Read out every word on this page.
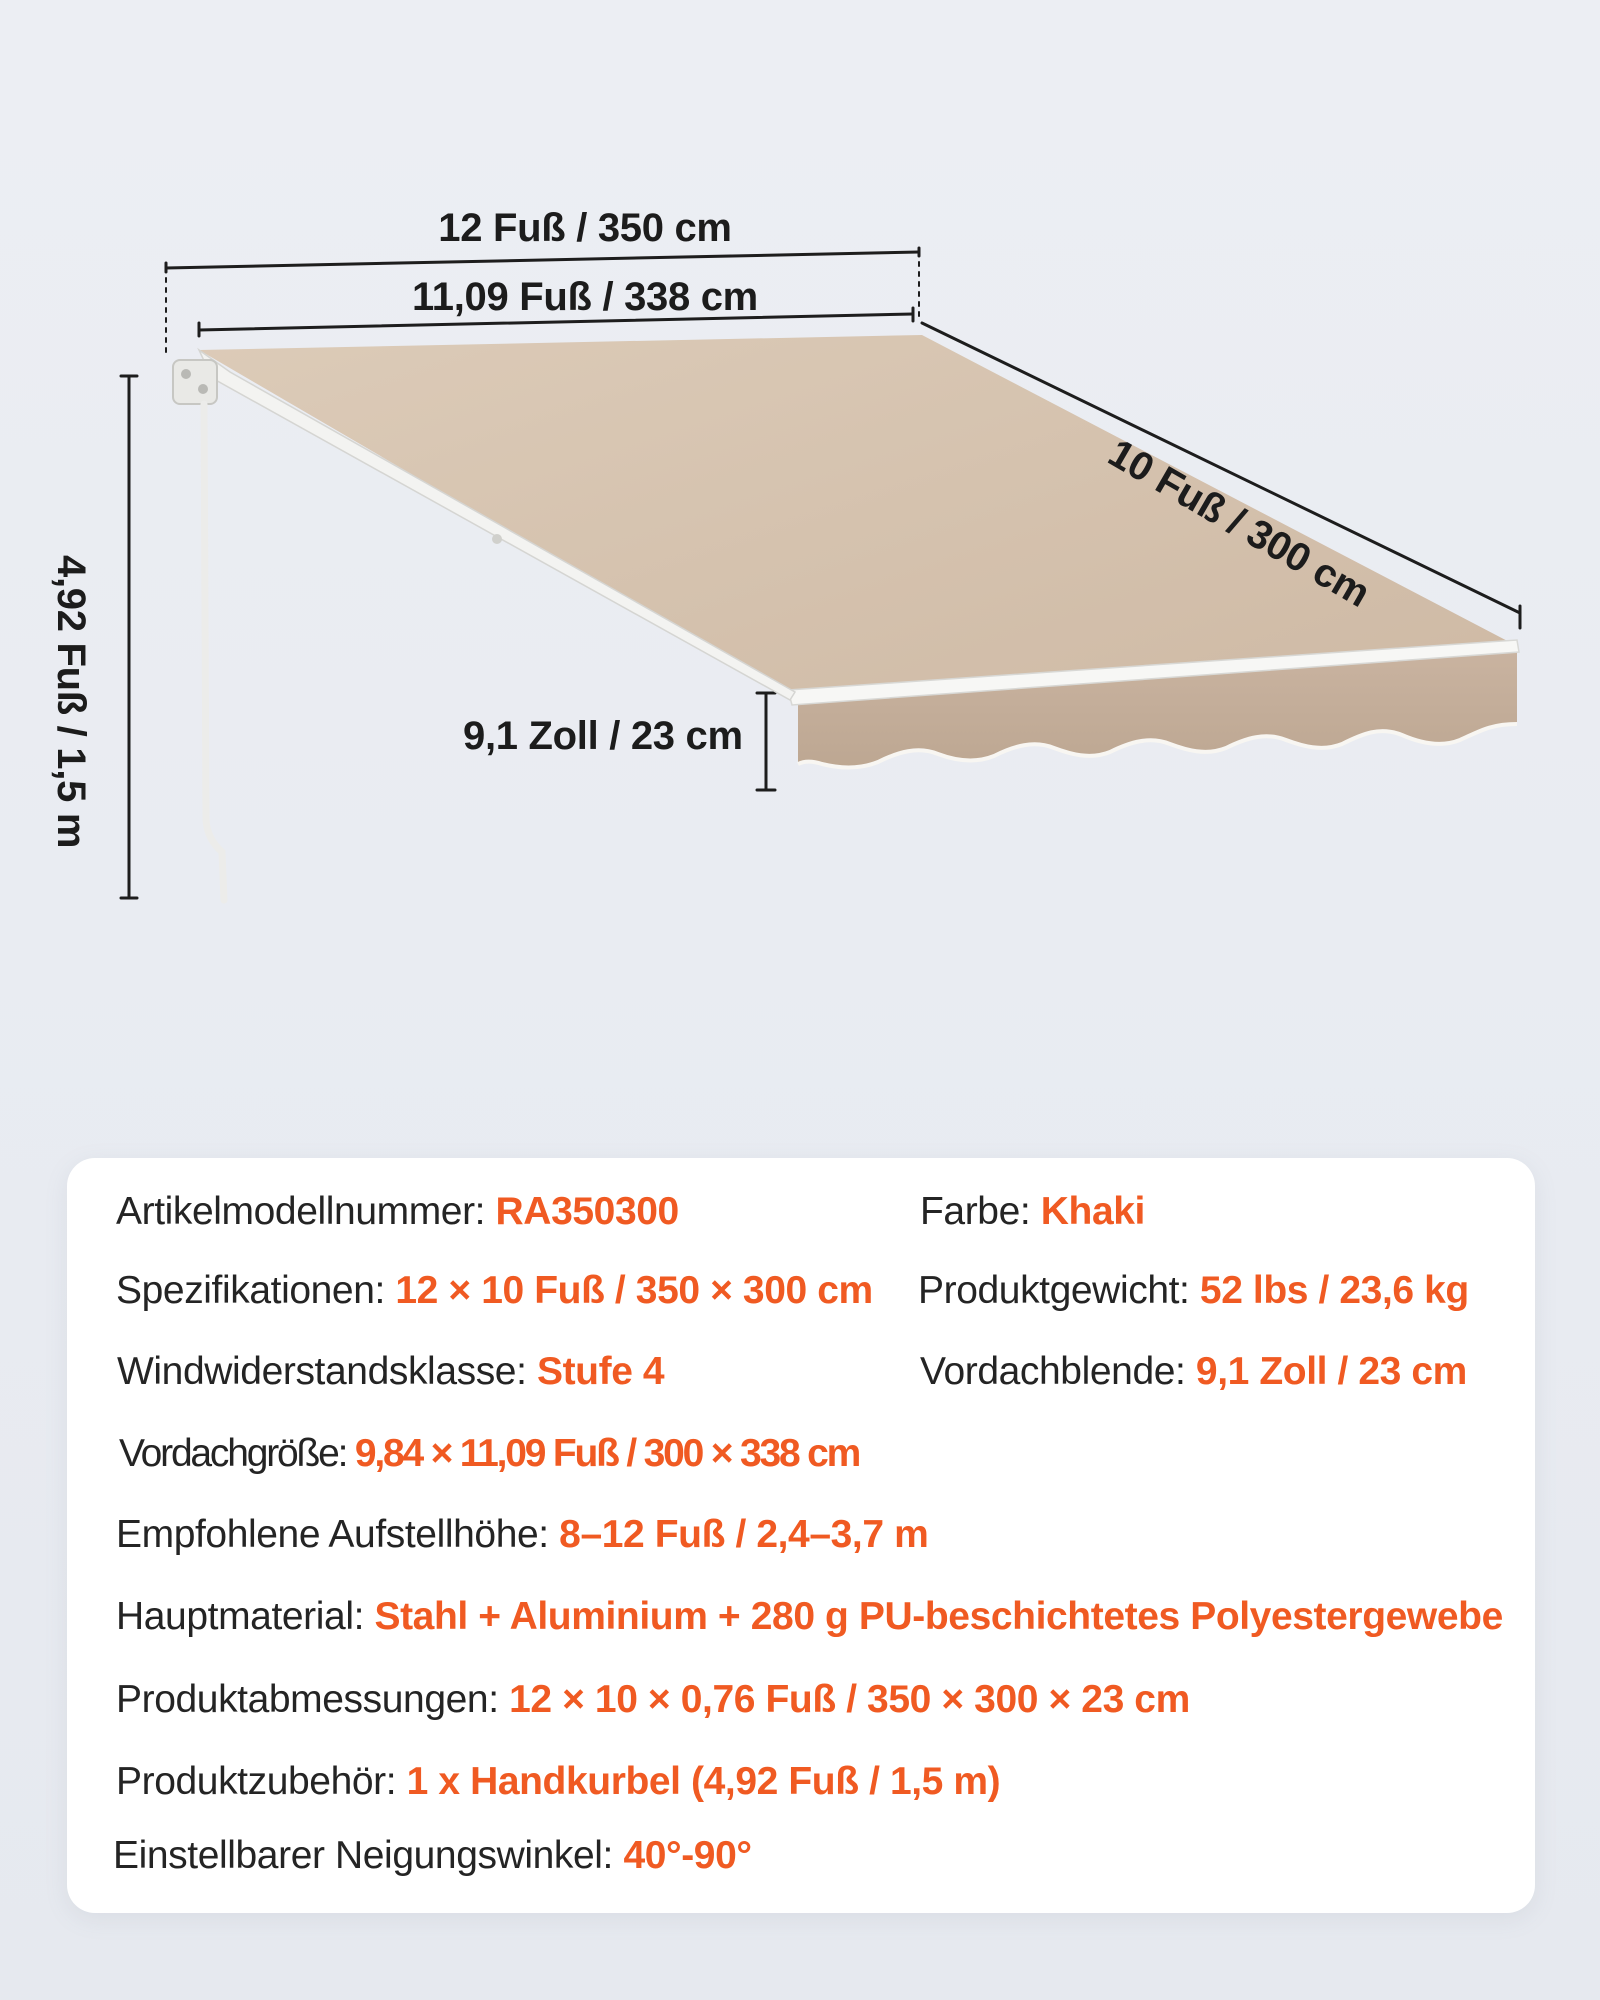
12 Fuß / 350 cm
11,09 Fuß / 338 cm
10 Fuß / 300 cm
4,92 Fuß / 1,5 m	9,1 Zoll / 23 cm
Artikelmodellnummer: RA350300	Farbe: Khaki
Spezifikationen: 12 × 10 Fuß / 350 × 300 cm Produktgewicht: 52 lbs / 23,6 kg
Windwiderstandsklasse: Stufe 4	Vordachblende: 9,1 Zoll / 23 cm
Vordachgröße: 9,84 × 11,09 Fuß / 300 × 338 cm
Empfohlene Aufstellhöhe: 8–12 Fuß / 2,4–3,7 m
Hauptmaterial: Stahl + Aluminium + 280 g PU-beschichtetes Polyestergewebe
Produktabmessungen: 12 × 10 × 0,76 Fuß / 350 × 300 × 23 cm
Produktzubehör: 1 x Handkurbel (4,92 Fuß / 1,5 m)
Einstellbarer Neigungswinkel: 40°-90°
